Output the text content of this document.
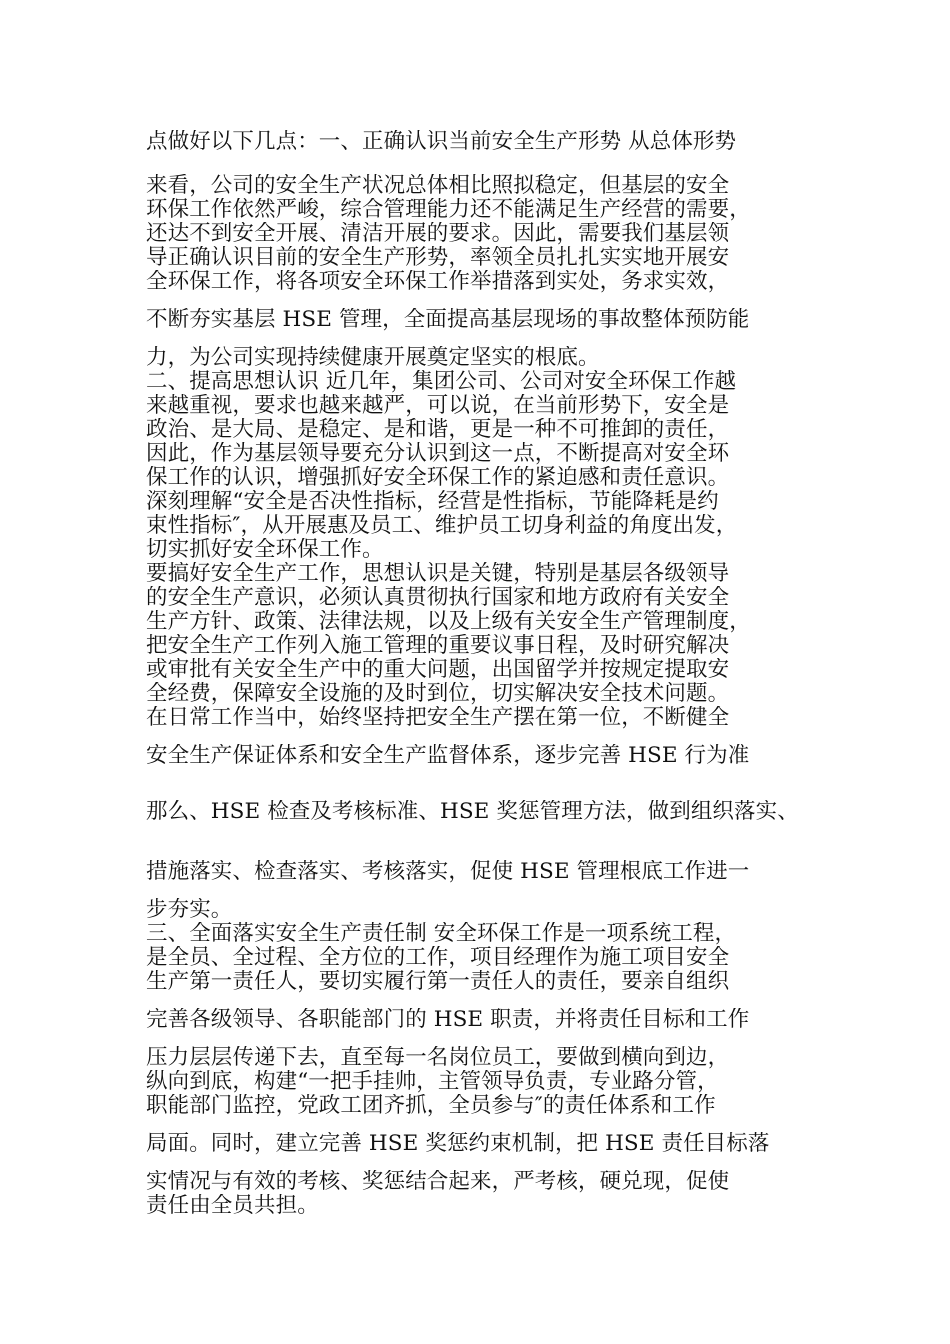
点做好以下几点：一、正确认识当前安全生产形势 从总体形势
来看，公司的安全生产状况总体相比照拟稳定，但基层的安全
环保工作依然严峻，综合管理能力还不能满足生产经营的需要，
还达不到安全开展、清洁开展的要求。因此，需要我们基层领
导正确认识目前的安全生产形势，率领全员扎扎实实地开展安
全环保工作，将各项安全环保工作举措落到实处，务求实效，
不断夯实基层 HSE 管理，全面提高基层现场的事故整体预防能
力，为公司实现持续健康开展奠定坚实的根底。
二、提高思想认识 近几年，集团公司、公司对安全环保工作越
来越重视，要求也越来越严，可以说，在当前形势下，安全是
政治、是大局、是稳定、是和谐，更是一种不可推卸的责任，
因此，作为基层领导要充分认识到这一点，不断提高对安全环
保工作的认识，增强抓好安全环保工作的紧迫感和责任意识。
深刻理解“安全是否决性指标，经营是性指标，节能降耗是约
束性指标″，从开展惠及员工、维护员工切身利益的角度出发，
切实抓好安全环保工作。
要搞好安全生产工作，思想认识是关键，特别是基层各级领导
的安全生产意识，必须认真贯彻执行国家和地方政府有关安全
生产方针、政策、法律法规，以及上级有关安全生产管理制度，
把安全生产工作列入施工管理的重要议事日程，及时研究解决
或审批有关安全生产中的重大问题，出国留学并按规定提取安
全经费，保障安全设施的及时到位，切实解决安全技术问题。
在日常工作当中，始终坚持把安全生产摆在第一位，不断健全
安全生产保证体系和安全生产监督体系，逐步完善 HSE 行为准
那么、HSE 检查及考核标准、HSE 奖惩管理方法，做到组织落实、
措施落实、检查落实、考核落实，促使 HSE 管理根底工作进一
步夯实。
三、全面落实安全生产责任制 安全环保工作是一项系统工程，
是全员、全过程、全方位的工作，项目经理作为施工项目安全
生产第一责任人，要切实履行第一责任人的责任，要亲自组织
完善各级领导、各职能部门的 HSE 职责，并将责任目标和工作
压力层层传递下去，直至每一名岗位员工，要做到横向到边，
纵向到底，构建“一把手挂帅，主管领导负责，专业路分管，
职能部门监控，党政工团齐抓，全员参与″的责任体系和工作
局面。同时，建立完善 HSE 奖惩约束机制，把 HSE 责任目标落
实情况与有效的考核、奖惩结合起来，严考核，硬兑现，促使
责任由全员共担。
